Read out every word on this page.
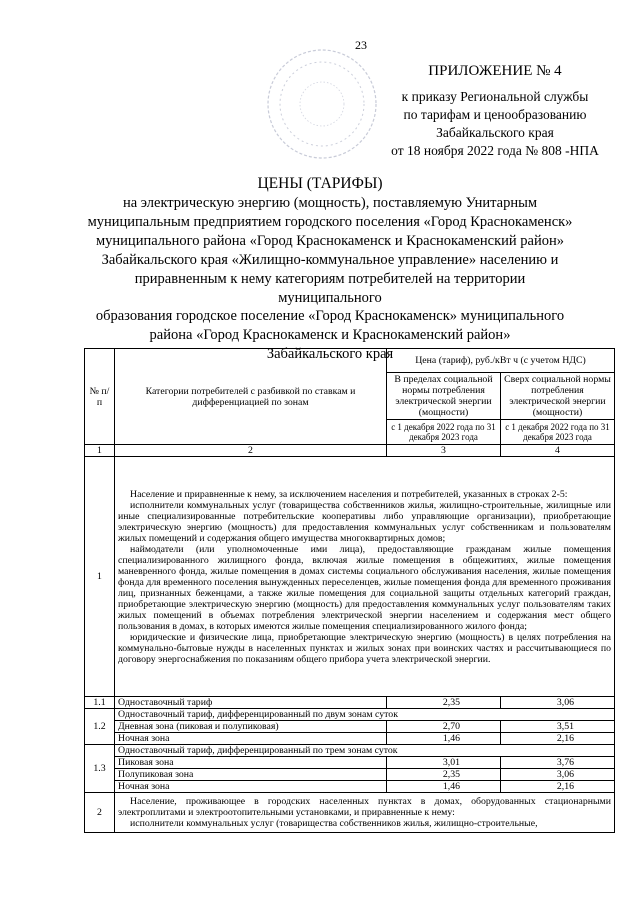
23
ПРИЛОЖЕНИЕ № 4
к приказу Региональной службы
по тарифам и ценообразованию
Забайкальского края
от 18 ноября 2022 года № 808 -НПА
ЦЕНЫ (ТАРИФЫ)
на электрическую энергию (мощность), поставляемую Унитарным
муниципальным предприятием городского поселения «Город Краснокаменск»
муниципального района «Город Краснокаменск и Краснокаменский район»
Забайкальского края «Жилищно-коммунальное управление» населению и
приравненным к нему категориям потребителей на территории муниципального
образования городское поселение «Город Краснокаменск» муниципального
района «Город Краснокаменск и Краснокаменский район»
Забайкальского края
№ п/п	Категории потребителей с разбивкой по ставкам и дифференциацией по зонам	Цена (тариф), руб./кВт ч (с учетом НДС)	
		В пределах социальной нормы потребления электрической энергии (мощности)	Сверх социальной нормы потребления электрической энергии (мощности)
		с 1 декабря 2022 года по 31 декабря 2023 года	с 1 декабря 2022 года по 31 декабря 2023 года
1	2	3	4
1	Население и приравненные к нему, за исключением населения и потребителей, указанных в строках 2-5:

исполнители коммунальных услуг (товарищества собственников жилья, жилищно-строительные, жилищные или иные специализированные потребительские кооперативы либо управляющие организации), приобретающие электрическую энергию (мощность) для предоставления коммунальных услуг собственникам и пользователям жилых помещений и содержания общего имущества многоквартирных домов;

наймодатели (или уполномоченные ими лица), предоставляющие гражданам жилые помещения специализированного жилищного фонда, включая жилые помещения в общежитиях, жилые помещения маневренного фонда, жилые помещения в домах системы социального обслуживания населения, жилые помещения фонда для временного поселения вынужденных переселенцев, жилые помещения фонда для временного проживания лиц, признанных беженцами, а также жилые помещения для социальной защиты отдельных категорий граждан, приобретающие электрическую энергию (мощность) для предоставления коммунальных услуг пользователям таких жилых помещений в объемах потребления электрической энергии населением и содержания мест общего пользования в домах, в которых имеются жилые помещения специализированного жилого фонда;

юридические и физические лица, приобретающие электрическую энергию (мощность) в целях потребления на коммунально-бытовые нужды в населенных пунктах и жилых зонах при воинских частях и рассчитывающиеся по договору энергоснабжения по показаниям общего прибора учета электрической энергии.		

1.1	Одноставочный тариф	2,35	3,06
1.2	Одноставочный тариф, дифференцированный по двум зонам суток		
	Дневная зона (пиковая и полупиковая)	2,70	3,51
	Ночная зона	1,46	2,16
1.3	Одноставочный тариф, дифференцированный по трем зонам суток		
	Пиковая зона	3,01	3,76
	Полупиковая зона	2,35	3,06
	Ночная зона	1,46	2,16
2	Население, проживающее в городских населенных пунктах в домах, оборудованных стационарными электроплитами и электроотопительными установками, и приравненные к нему:

исполнители коммунальных услуг (товарищества собственников жилья, жилищно-строительные,		
